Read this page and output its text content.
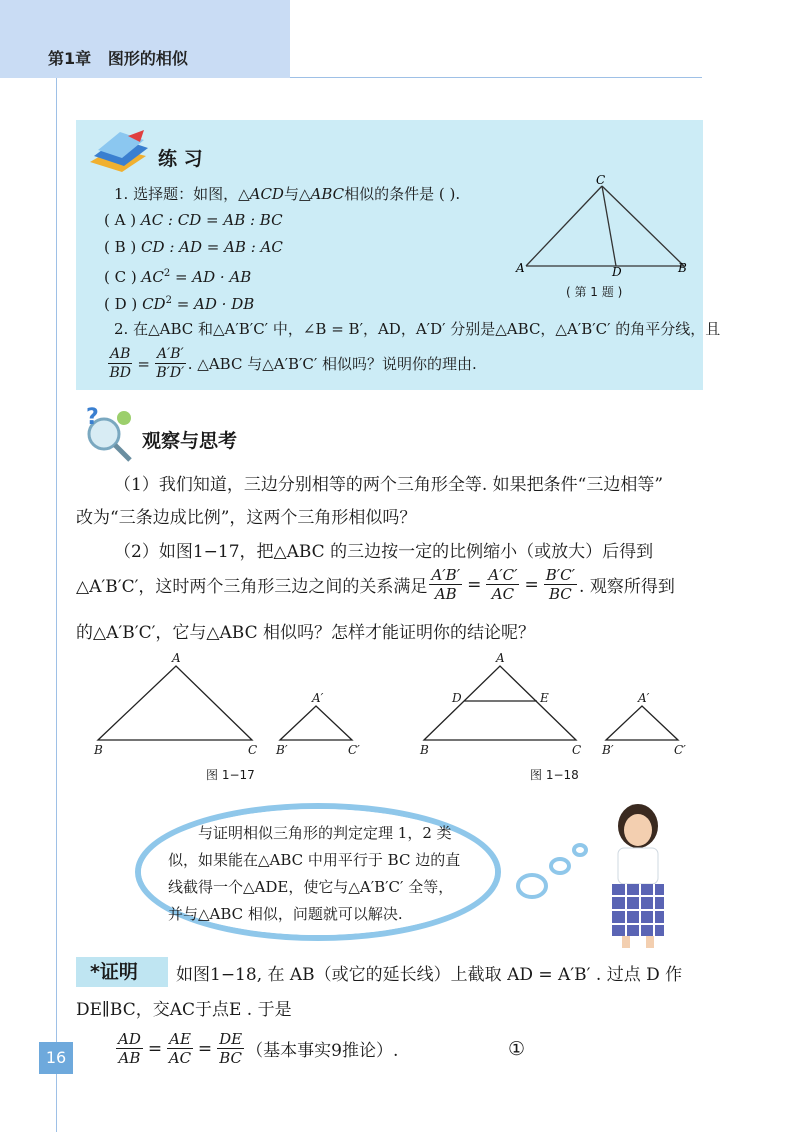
第1章 图形的相似
练 习
1. 选择题：如图，△ACD与△ABC相似的条件是 ( ).
( A ) AC : CD = AB : BC
( B ) CD : AD = AB : AC
( C ) $AC^2$ = AD · AB
( D ) $CD^2$ = AD · DB
C
A	D	B
( 第 1 题 )
2. 在△ABC 和△A′B′C′ 中，∠B = B′，AD，A′D′ 分别是△ABC，△A′B′C′ 的角平分线，且
$\frac{AB}{BD} = \frac{A'B'}{B'D'}$ . △ABC 与△A′B′C′ 相似吗？说明你的理由.
?
观察与思考
（1）我们知道，三边分别相等的两个三角形全等. 如果把条件“三边相等”
改为“三条边成比例”，这两个三角形相似吗？
（2）如图1−17，把△ABC 的三边按一定的比例缩小（或放大）后得到
△A′B′C′，这时两个三角形三边之间的关系满足 $\frac{A'B'}{AB} = \frac{A'C'}{AC} = \frac{B'C'}{BC}$ . 观察所得到
的△A′B′C′，它与△ABC 相似吗？怎样才能证明你的结论呢？
A
B	C
A′
B′	C′
A
D	E
B	C
A′
B′	C′
图 1−17	图 1−18
与证明相似三角形的判定定理 1，2 类
似，如果能在△ABC 中用平行于 BC 边的直
线截得一个△ADE，使它与△A′B′C′ 全等，
并与△ABC 相似，问题就可以解决.
*证明	如图1−18, 在 AB（或它的延长线）上截取 AD = A′B′ . 过点 D 作
DE∥BC，交AC于点E . 于是
$\frac{AD}{AB} = \frac{AE}{AC} = \frac{DE}{BC}$ （基本事实9推论）.	①
16
